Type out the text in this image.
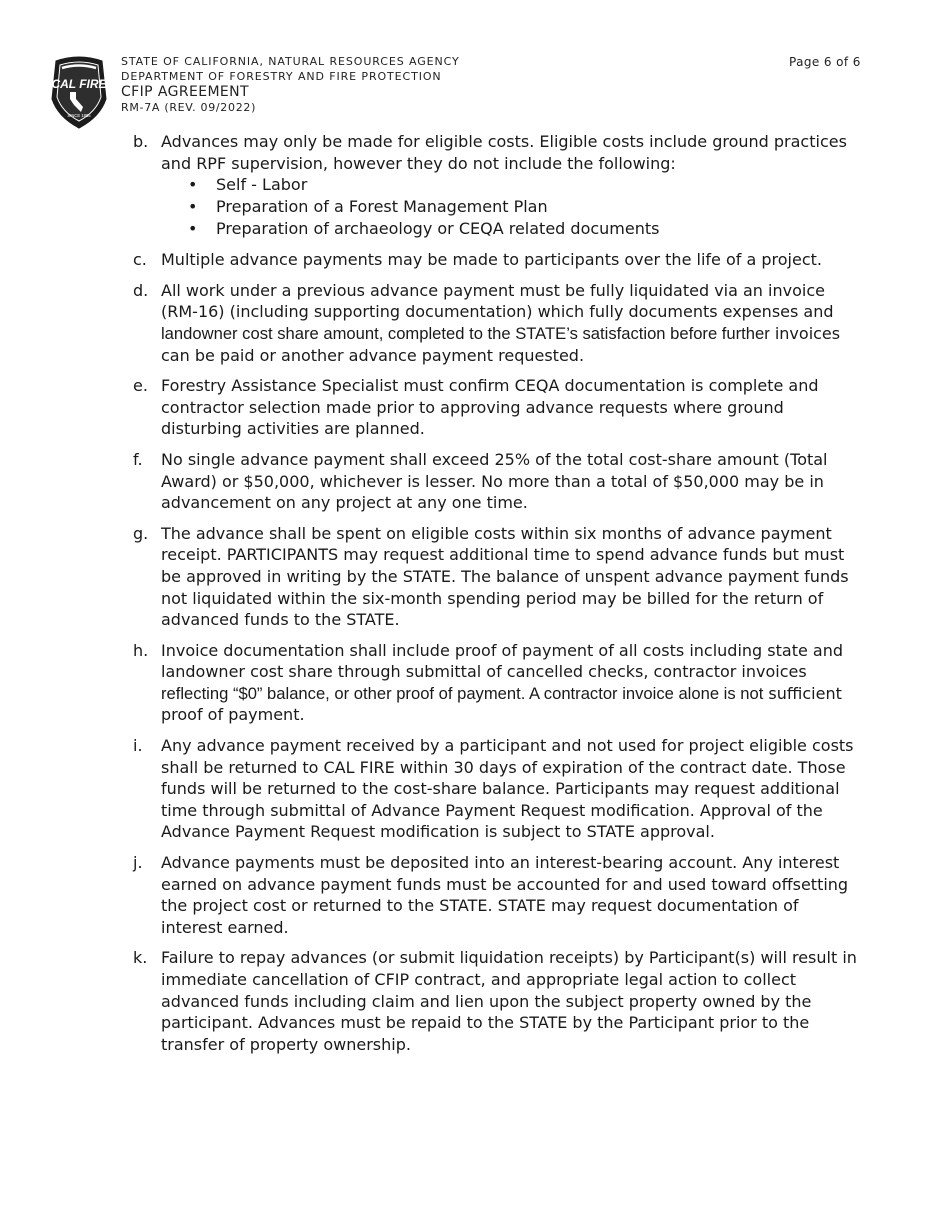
CAL FIRE
SINCE 1885
STATE OF CALIFORNIA, NATURAL RESOURCES AGENCY
DEPARTMENT OF FORESTRY AND FIRE PROTECTION
CFIP AGREEMENT
RM-7A (REV. 09/2022)
Page 6 of 6
b. Advances may only be made for eligible costs. Eligible costs include ground practices and RPF supervision, however they do not include the following:
•	Self - Labor
•	Preparation of a Forest Management Plan
•	Preparation of archaeology or CEQA related documents
c. Multiple advance payments may be made to participants over the life of a project.
d. All work under a previous advance payment must be fully liquidated via an invoice (RM-16) (including supporting documentation) which fully documents expenses and landowner cost share amount, completed to the STATE’s satisfaction before further invoices can be paid or another advance payment requested.
e. Forestry Assistance Specialist must confirm CEQA documentation is complete and contractor selection made prior to approving advance requests where ground disturbing activities are planned.
f.	No single advance payment shall exceed 25% of the total cost-share amount (Total Award) or $50,000, whichever is lesser. No more than a total of $50,000 may be in advancement on any project at any one time.
g. The advance shall be spent on eligible costs within six months of advance payment receipt. PARTICIPANTS may request additional time to spend advance funds but must be approved in writing by the STATE. The balance of unspent advance payment funds not liquidated within the six-month spending period may be billed for the return of advanced funds to the STATE.
h. Invoice documentation shall include proof of payment of all costs including state and landowner cost share through submittal of cancelled checks, contractor invoices reflecting “$0” balance, or other proof of payment. A contractor invoice alone is not sufficient proof of payment.
i.	Any advance payment received by a participant and not used for project eligible costs shall be returned to CAL FIRE within 30 days of expiration of the contract date. Those funds will be returned to the cost-share balance. Participants may request additional time through submittal of Advance Payment Request modification. Approval of the Advance Payment Request modification is subject to STATE approval.
j.	Advance payments must be deposited into an interest-bearing account. Any interest earned on advance payment funds must be accounted for and used toward offsetting the project cost or returned to the STATE. STATE may request documentation of interest earned.
k. Failure to repay advances (or submit liquidation receipts) by Participant(s) will result in immediate cancellation of CFIP contract, and appropriate legal action to collect advanced funds including claim and lien upon the subject property owned by the participant. Advances must be repaid to the STATE by the Participant prior to the transfer of property ownership.
